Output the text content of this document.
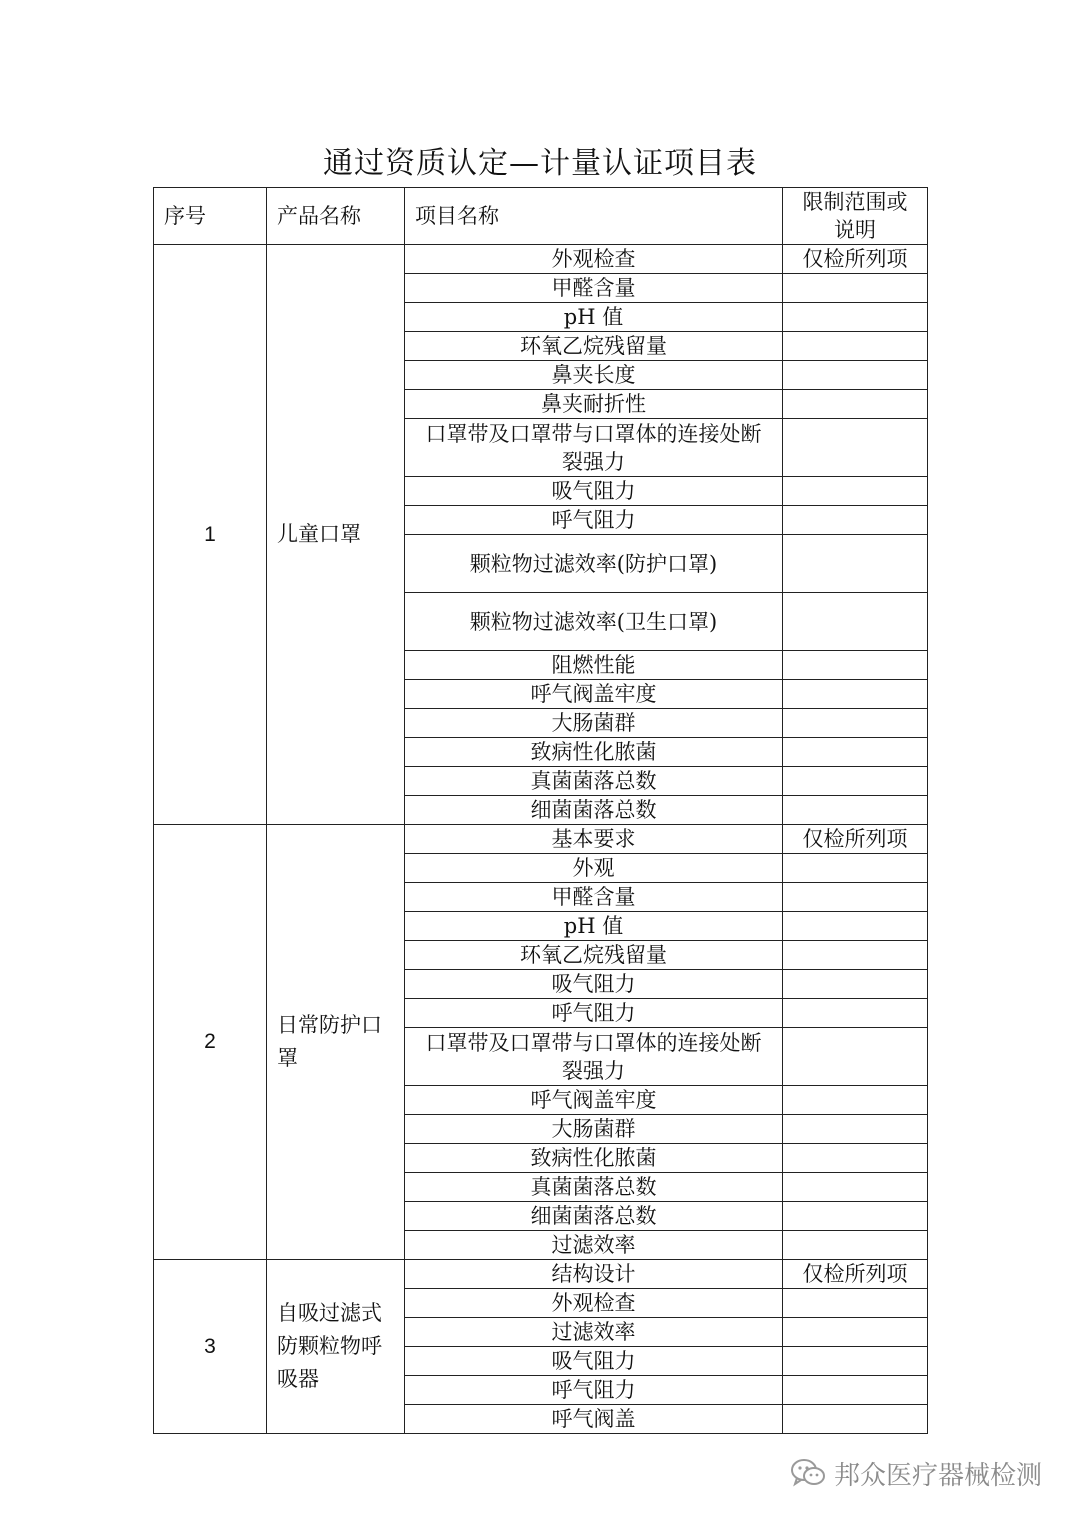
通过资质认定—计量认证项目表
序号	产品名称	项目名称	限制范围或
说明
1	儿童口罩	外观检查	仅检所列项
		甲醛含量	
		pH 值	
		环氧乙烷残留量	
		鼻夹长度	
		鼻夹耐折性	
		口罩带及口罩带与口罩体的连接处断裂强力	
		吸气阻力	
		呼气阻力	
		颗粒物过滤效率(防护口罩)	
		颗粒物过滤效率(卫生口罩)	
		阻燃性能	
		呼气阀盖牢度	
		大肠菌群	
		致病性化脓菌	
		真菌菌落总数	
		细菌菌落总数	
2	日常防护口罩	基本要求	仅检所列项
		外观	
		甲醛含量	
		pH 值	
		环氧乙烷残留量	
		吸气阻力	
		呼气阻力	
		口罩带及口罩带与口罩体的连接处断裂强力	
		呼气阀盖牢度	
		大肠菌群	
		致病性化脓菌	
		真菌菌落总数	
		细菌菌落总数	
		过滤效率	
3	自吸过滤式防颗粒物呼吸器	结构设计	仅检所列项
		外观检查	
		过滤效率	
		吸气阻力	
		呼气阻力	
		呼气阀盖	
邦众医疗器械检测
